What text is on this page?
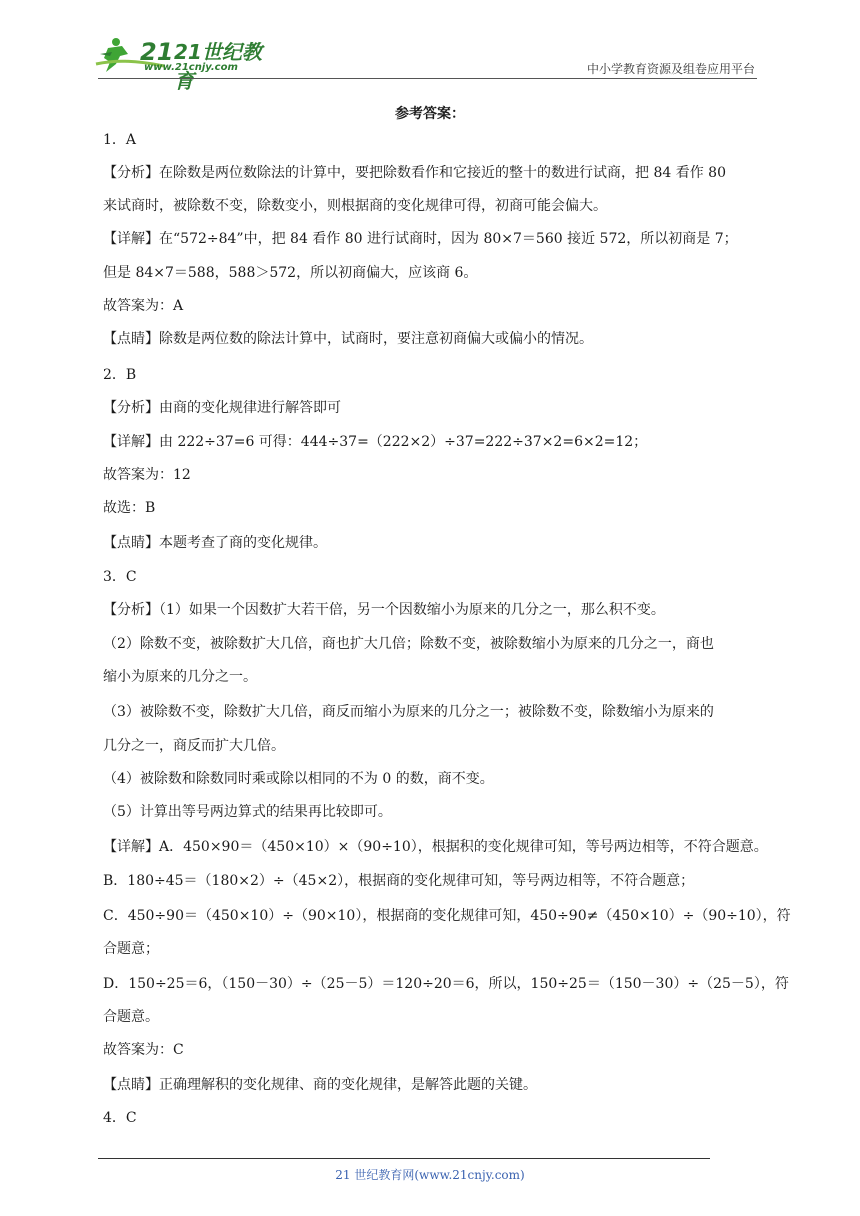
21 21世纪教育
www.21cnjy.com	中小学教育资源及组卷应用平台
参考答案：
1．A
【分析】在除数是两位数除法的计算中，要把除数看作和它接近的整十的数进行试商，把 84 看作 80
来试商时，被除数不变，除数变小，则根据商的变化规律可得，初商可能会偏大。
【详解】在“572÷84”中，把 84 看作 80 进行试商时，因为 80×7＝560 接近 572，所以初商是 7；
但是 84×7＝588，588＞572，所以初商偏大，应该商 6。
故答案为：A
【点睛】除数是两位数的除法计算中，试商时，要注意初商偏大或偏小的情况。
2．B
【分析】由商的变化规律进行解答即可
【详解】由 222÷37=6 可得：444÷37=（222×2）÷37=222÷37×2=6×2=12；
故答案为：12
故选：B
【点睛】本题考查了商的变化规律。
3．C
【分析】（1）如果一个因数扩大若干倍，另一个因数缩小为原来的几分之一，那么积不变。
（2）除数不变，被除数扩大几倍，商也扩大几倍；除数不变，被除数缩小为原来的几分之一，商也
缩小为原来的几分之一。
（3）被除数不变，除数扩大几倍，商反而缩小为原来的几分之一；被除数不变，除数缩小为原来的
几分之一，商反而扩大几倍。
（4）被除数和除数同时乘或除以相同的不为 0 的数，商不变。
（5）计算出等号两边算式的结果再比较即可。
【详解】A．450×90＝（450×10）×（90÷10），根据积的变化规律可知，等号两边相等，不符合题意。
B．180÷45＝（180×2）÷（45×2），根据商的变化规律可知，等号两边相等，不符合题意；
C．450÷90＝（450×10）÷（90×10），根据商的变化规律可知，450÷90≠（450×10）÷（90÷10），符
合题意；
D．150÷25＝6，（150－30）÷（25－5）＝120÷20＝6，所以，150÷25＝（150－30）÷（25－5），符
合题意。
故答案为：C
【点睛】正确理解积的变化规律、商的变化规律，是解答此题的关键。
4．C
21 世纪教育网(www.21cnjy.com)
